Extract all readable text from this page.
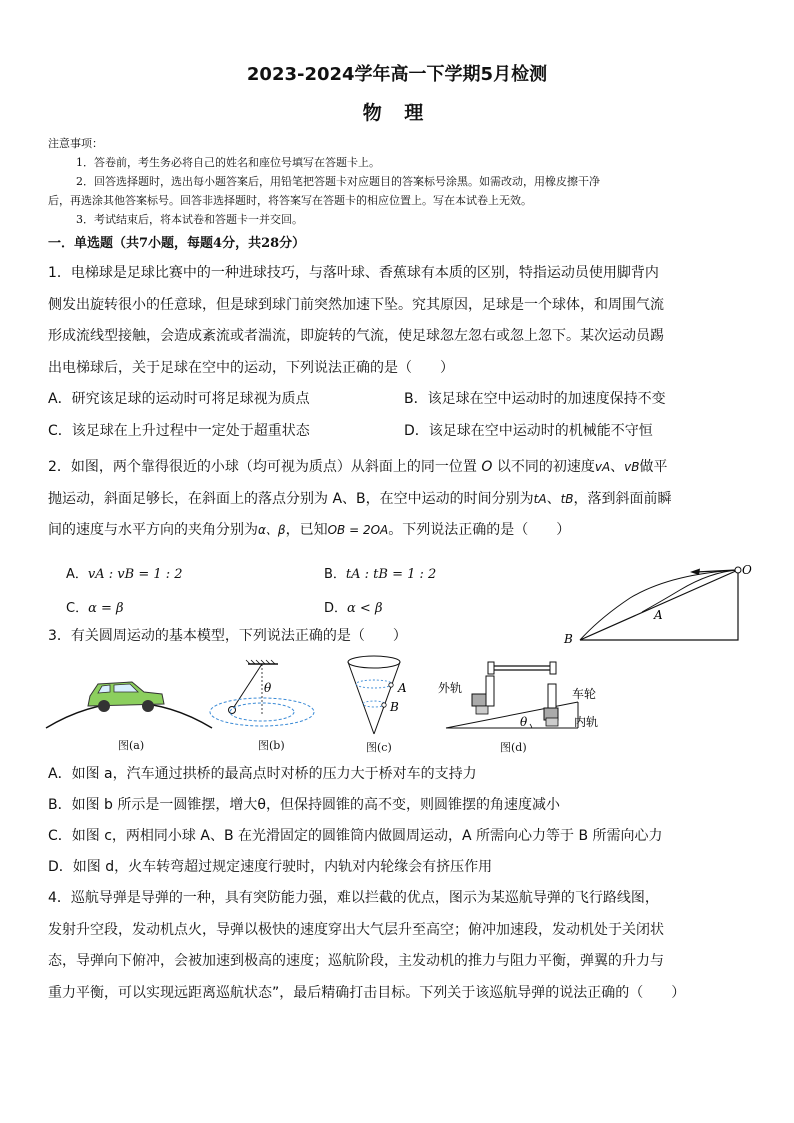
2023-2024学年高一下学期5月检测
物 理
注意事项：
1．答卷前，考生务必将自己的姓名和座位号填写在答题卡上。
2．回答选择题时，选出每小题答案后，用铅笔把答题卡对应题目的答案标号涂黑。如需改动，用橡皮擦干净
后，再选涂其他答案标号。回答非选择题时，将答案写在答题卡的相应位置上。写在本试卷上无效。
3．考试结束后，将本试卷和答题卡一并交回。
一．单选题（共7小题，每题4分，共28分）
1．电梯球是足球比赛中的一种进球技巧，与落叶球、香蕉球有本质的区别，特指运动员使用脚背内
侧发出旋转很小的任意球，但是球到球门前突然加速下坠。究其原因，足球是一个球体，和周围气流
形成流线型接触，会造成紊流或者湍流，即旋转的气流，使足球忽左忽右或忽上忽下。某次运动员踢
出电梯球后，关于足球在空中的运动，下列说法正确的是（　　）
A．研究该足球的运动时可将足球视为质点	B．该足球在空中运动时的加速度保持不变
C．该足球在上升过程中一定处于超重状态	D．该足球在空中运动时的机械能不守恒
2．如图，两个靠得很近的小球（均可视为质点）从斜面上的同一位置 O 以不同的初速度vA、vB做平
抛运动，斜面足够长，在斜面上的落点分别为 A、B，在空中运动的时间分别为tA、tB，落到斜面前瞬
间的速度与水平方向的夹角分别为α、β，已知OB = 2OA。下列说法正确的是（　　）
A．vA : vB = 1 : 2	B．tA : tB = 1 : 2
C．α = β	D．α < β
O
A
B
3．有关圆周运动的基本模型，下列说法正确的是（　　）
图(a)
θ
图(b)
A
B
图(c)
θ
外轨	车轮
内轨
图(d)
A．如图 a，汽车通过拱桥的最高点时对桥的压力大于桥对车的支持力
B．如图 b 所示是一圆锥摆，增大θ，但保持圆锥的高不变，则圆锥摆的角速度减小
C．如图 c，两相同小球 A、B 在光滑固定的圆锥筒内做圆周运动，A 所需向心力等于 B 所需向心力
D．如图 d，火车转弯超过规定速度行驶时，内轨对内轮缘会有挤压作用
4．巡航导弹是导弹的一种，具有突防能力强，难以拦截的优点，图示为某巡航导弹的飞行路线图，
发射升空段，发动机点火，导弹以极快的速度穿出大气层升至高空；俯冲加速段，发动机处于关闭状
态，导弹向下俯冲，会被加速到极高的速度；巡航阶段，主发动机的推力与阻力平衡，弹翼的升力与
重力平衡，可以实现远距离巡航状态”，最后精确打击目标。下列关于该巡航导弹的说法正确的（　　）
